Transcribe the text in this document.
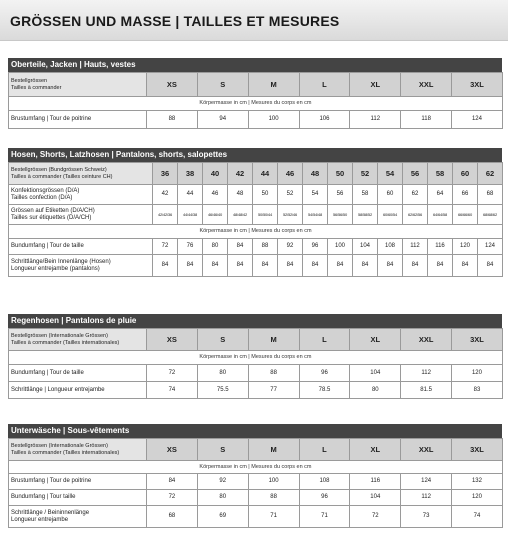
GRÖSSEN UND MASSE | TAILLES ET MESURES
Oberteile, Jacken | Hauts, vestes
Bestellgrössen
Tailles à commander	XS	S	M	L	XL	XXL	3XL
Körpermasse in cm | Mesures du corps en cm							
Brustumfang | Tour de poitrine	88	94	100	106	112	118	124
Hosen, Shorts, Latzhosen | Pantalons, shorts, salopettes
Bestellgrössen (Bundgrössen Schweiz)
Tailles à commander (Tailles ceinture CH)	36	38	40	42	44	46	48	50	52	54	56	58	60	62

Konfektionsgrössen (D/A)
Tailles confection (D/A)	42	44	46	48	50	52	54	56	58	60	62	64	66	68

Grössen auf Etiketten (D/A/CH)
Tailles sur étiquettes (D/A/CH)	42/42/36	44/44/38	46/46/40	48/48/42	50/50/44	52/52/46	54/54/48	56/56/50	58/58/52	60/60/54	62/62/56	64/64/58	66/66/60	68/68/62
Körpermasse in cm | Mesures du corps en cm														
Bundumfang | Tour de taille	72	76	80	84	88	92	96	100	104	108	112	116	120	124

Schrittlänge/Bein Innenlänge (Hosen)
Longueur entrejambe (pantalons)	84	84	84	84	84	84	84	84	84	84	84	84	84	84
Regenhosen | Pantalons de pluie
Bestellgrössen (Internationale Grössen)
Tailles à commander (Tailles internationales)	XS	S	M	L	XL	XXL	3XL
Körpermasse in cm | Mesures du corps en cm							
Bundumfang | Tour de taille	72	80	88	96	104	112	120
Schrittlänge | Longueur entrejambe	74	75.5	77	78.5	80	81.5	83
Unterwäsche | Sous-vêtements
Bestellgrössen (Internationale Grössen)
Tailles à commander (Tailles internationales)	XS	S	M	L	XL	XXL	3XL
Körpermasse in cm | Mesures du corps en cm							
Brustumfang | Tour de poitrine	84	92	100	108	116	124	132
Bundumfang | Tour taille	72	80	88	96	104	112	120

Schrittlänge / Beininnenlänge
Longueur entrejambe	68	69	71	71	72	73	74
